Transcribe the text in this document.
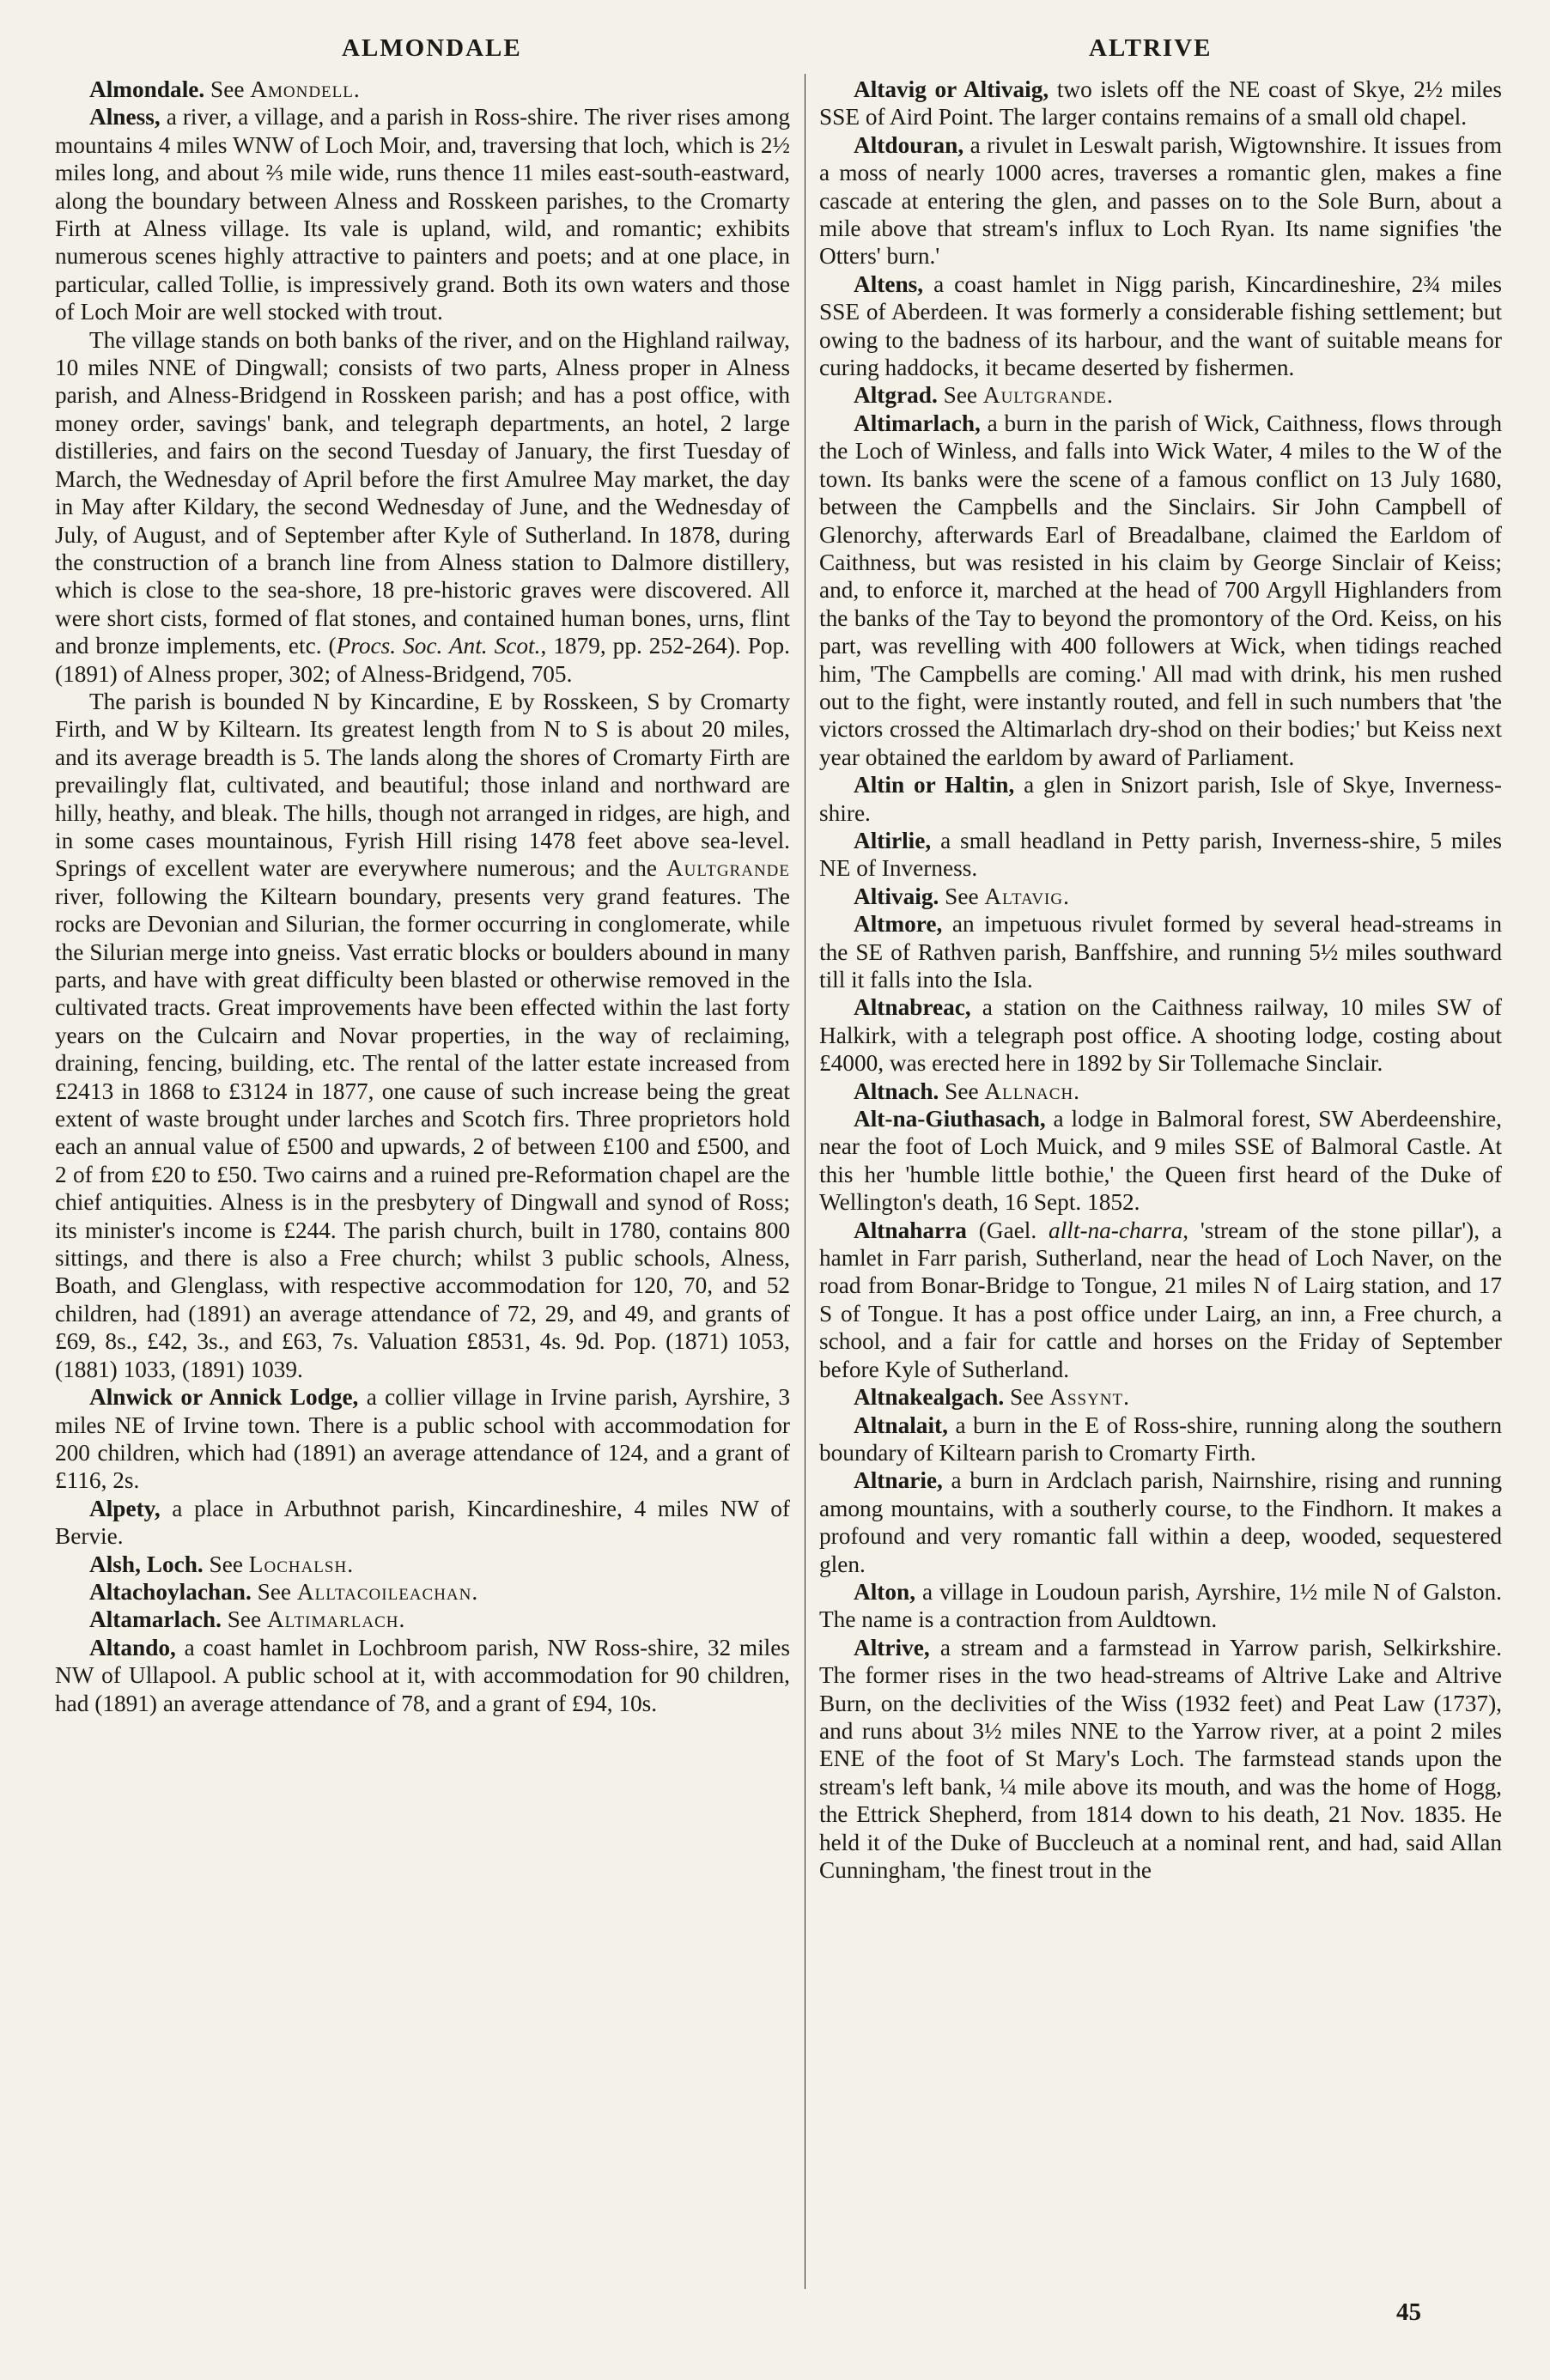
ALMONDALE	ALTRIVE

Almondale. See Amondell.

Alness, a river, a village, and a parish in Ross-shire. The river rises among mountains 4 miles WNW of Loch Moir, and, traversing that loch, which is 2½ miles long, and about ⅔ mile wide, runs thence 11 miles east-south-eastward, along the boundary between Alness and Rosskeen parishes, to the Cromarty Firth at Alness village. Its vale is upland, wild, and romantic; exhibits numerous scenes highly attractive to painters and poets; and at one place, in particular, called Tollie, is impressively grand. Both its own waters and those of Loch Moir are well stocked with trout.

The village stands on both banks of the river, and on the Highland railway, 10 miles NNE of Dingwall; consists of two parts, Alness proper in Alness parish, and Alness-Bridgend in Rosskeen parish; and has a post office, with money order, savings' bank, and telegraph departments, an hotel, 2 large distilleries, and fairs on the second Tuesday of January, the first Tuesday of March, the Wednesday of April before the first Amulree May market, the day in May after Kildary, the second Wednesday of June, and the Wednesday of July, of August, and of September after Kyle of Sutherland. In 1878, during the construction of a branch line from Alness station to Dalmore distillery, which is close to the sea-shore, 18 pre-historic graves were discovered. All were short cists, formed of flat stones, and contained human bones, urns, flint and bronze implements, etc. (Procs. Soc. Ant. Scot., 1879, pp. 252-264). Pop. (1891) of Alness proper, 302; of Alness-Bridgend, 705.

The parish is bounded N by Kincardine, E by Rosskeen, S by Cromarty Firth, and W by Kiltearn. Its greatest length from N to S is about 20 miles, and its average breadth is 5. The lands along the shores of Cromarty Firth are prevailingly flat, cultivated, and beautiful; those inland and northward are hilly, heathy, and bleak. The hills, though not arranged in ridges, are high, and in some cases mountainous, Fyrish Hill rising 1478 feet above sea-level. Springs of excellent water are everywhere numerous; and the Aultgrande river, following the Kiltearn boundary, presents very grand features. The rocks are Devonian and Silurian, the former occurring in conglomerate, while the Silurian merge into gneiss. Vast erratic blocks or boulders abound in many parts, and have with great difficulty been blasted or otherwise removed in the cultivated tracts. Great improvements have been effected within the last forty years on the Culcairn and Novar properties, in the way of reclaiming, draining, fencing, building, etc. The rental of the latter estate increased from £2413 in 1868 to £3124 in 1877, one cause of such increase being the great extent of waste brought under larches and Scotch firs. Three proprietors hold each an annual value of £500 and upwards, 2 of between £100 and £500, and 2 of from £20 to £50. Two cairns and a ruined pre-Reformation chapel are the chief antiquities. Alness is in the presbytery of Dingwall and synod of Ross; its minister's income is £244. The parish church, built in 1780, contains 800 sittings, and there is also a Free church; whilst 3 public schools, Alness, Boath, and Glenglass, with respective accommodation for 120, 70, and 52 children, had (1891) an average attendance of 72, 29, and 49, and grants of £69, 8s., £42, 3s., and £63, 7s. Valuation £8531, 4s. 9d. Pop. (1871) 1053, (1881) 1033, (1891) 1039.

Alnwick or Annick Lodge, a collier village in Irvine parish, Ayrshire, 3 miles NE of Irvine town. There is a public school with accommodation for 200 children, which had (1891) an average attendance of 124, and a grant of £116, 2s.

Alpety, a place in Arbuthnot parish, Kincardineshire, 4 miles NW of Bervie.

Alsh, Loch. See Lochalsh.

Altachoylachan. See Alltacoileachan.

Altamarlach. See Altimarlach.

Altando, a coast hamlet in Lochbroom parish, NW Ross-shire, 32 miles NW of Ullapool. A public school at it, with accommodation for 90 children, had (1891) an average attendance of 78, and a grant of £94, 10s.

Altavig or Altivaig, two islets off the NE coast of Skye, 2½ miles SSE of Aird Point. The larger contains remains of a small old chapel.

Altdouran, a rivulet in Leswalt parish, Wigtownshire. It issues from a moss of nearly 1000 acres, traverses a romantic glen, makes a fine cascade at entering the glen, and passes on to the Sole Burn, about a mile above that stream's influx to Loch Ryan. Its name signifies 'the Otters' burn.'

Altens, a coast hamlet in Nigg parish, Kincardineshire, 2¾ miles SSE of Aberdeen. It was formerly a considerable fishing settlement; but owing to the badness of its harbour, and the want of suitable means for curing haddocks, it became deserted by fishermen.

Altgrad. See Aultgrande.

Altimarlach, a burn in the parish of Wick, Caithness, flows through the Loch of Winless, and falls into Wick Water, 4 miles to the W of the town. Its banks were the scene of a famous conflict on 13 July 1680, between the Campbells and the Sinclairs. Sir John Campbell of Glenorchy, afterwards Earl of Breadalbane, claimed the Earldom of Caithness, but was resisted in his claim by George Sinclair of Keiss; and, to enforce it, marched at the head of 700 Argyll Highlanders from the banks of the Tay to beyond the promontory of the Ord. Keiss, on his part, was revelling with 400 followers at Wick, when tidings reached him, 'The Campbells are coming.' All mad with drink, his men rushed out to the fight, were instantly routed, and fell in such numbers that 'the victors crossed the Altimarlach dry-shod on their bodies;' but Keiss next year obtained the earldom by award of Parliament.

Altin or Haltin, a glen in Snizort parish, Isle of Skye, Inverness-shire.

Altirlie, a small headland in Petty parish, Inverness-shire, 5 miles NE of Inverness.

Altivaig. See Altavig.

Altmore, an impetuous rivulet formed by several head-streams in the SE of Rathven parish, Banffshire, and running 5½ miles southward till it falls into the Isla.

Altnabreac, a station on the Caithness railway, 10 miles SW of Halkirk, with a telegraph post office. A shooting lodge, costing about £4000, was erected here in 1892 by Sir Tollemache Sinclair.

Altnach. See Allnach.

Alt-na-Giuthasach, a lodge in Balmoral forest, SW Aberdeenshire, near the foot of Loch Muick, and 9 miles SSE of Balmoral Castle. At this her 'humble little bothie,' the Queen first heard of the Duke of Wellington's death, 16 Sept. 1852.

Altnaharra (Gael. allt-na-charra, 'stream of the stone pillar'), a hamlet in Farr parish, Sutherland, near the head of Loch Naver, on the road from Bonar-Bridge to Tongue, 21 miles N of Lairg station, and 17 S of Tongue. It has a post office under Lairg, an inn, a Free church, a school, and a fair for cattle and horses on the Friday of September before Kyle of Sutherland.

Altnakealgach. See Assynt.

Altnalait, a burn in the E of Ross-shire, running along the southern boundary of Kiltearn parish to Cromarty Firth.

Altnarie, a burn in Ardclach parish, Nairnshire, rising and running among mountains, with a southerly course, to the Findhorn. It makes a profound and very romantic fall within a deep, wooded, sequestered glen.

Alton, a village in Loudoun parish, Ayrshire, 1½ mile N of Galston. The name is a contraction from Auldtown.

Altrive, a stream and a farmstead in Yarrow parish, Selkirkshire. The former rises in the two head-streams of Altrive Lake and Altrive Burn, on the declivities of the Wiss (1932 feet) and Peat Law (1737), and runs about 3½ miles NNE to the Yarrow river, at a point 2 miles ENE of the foot of St Mary's Loch. The farmstead stands upon the stream's left bank, ¼ mile above its mouth, and was the home of Hogg, the Ettrick Shepherd, from 1814 down to his death, 21 Nov. 1835. He held it of the Duke of Buccleuch at a nominal rent, and had, said Allan Cunningham, 'the finest trout in the

45
